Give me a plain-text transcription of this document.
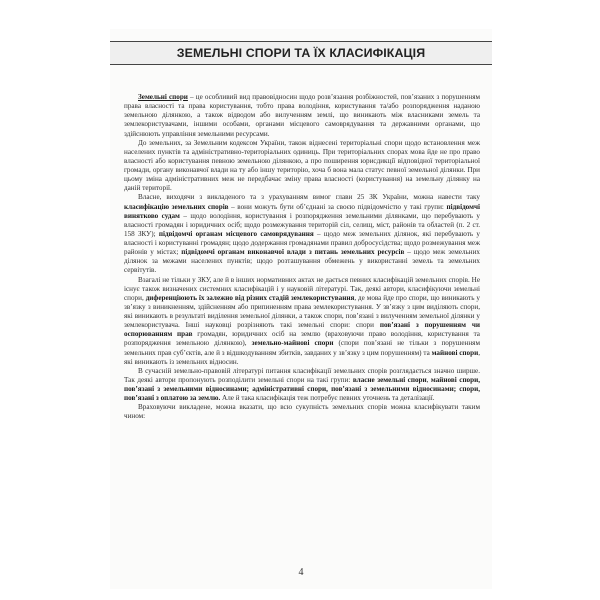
ЗЕМЕЛЬНІ СПОРИ ТА ЇХ КЛАСИФІКАЦІЯ

Земельні спори – це особливий вид правовідносин щодо розв’язання розбіжностей, пов’язаних з порушенням права власності та права користування, тобто права володіння, користування та/або розпорядження наданою земельною ділянкою, а також відводом або вилученням землі, що виникають між власниками земель та землекористувачами, іншими особами, органами місцевого самоврядування та державними органами, що здійснюють управління земельними ресурсами.

До земельних, за Земельним кодексом України, також віднесені територіальні спори щодо встановлення меж населених пунктів та адміністративно-територіальних одиниць. При територіальних спорах мова йде не про право власності або користування певною земельною ділянкою, а про поширення юрисдикції відповідної територіальної громади, органу виконавчої влади на ту або іншу територію, хоча б вона мала статус певної земельної ділянки. При цьому зміна адміністративних меж не передбачає зміну права власності (користування) на земельну ділянку на даній території.

Власне, виходячи з викладеного та з урахуванням вимог глави 25 ЗК України, можна навести таку класифікацію земельних спорів – вони можуть бути об’єднані за своєю підвідомчістю у такі групи: підвідомчі винятково судам – щодо володіння, користування і розпорядження земельними ділянками, що перебувають у власності громадян і юридичних осіб; щодо розмежування територій сіл, селищ, міст, районів та областей (п. 2 ст. 158 ЗКУ); підвідомчі органам місцевого самоврядування – щодо меж земельних ділянок, які перебувають у власності і користуванні громадян; щодо додержання громадянами правил добросусідства; щодо розмежування меж районів у містах; підвідомчі органам виконавчої влади з питань земельних ресурсів – щодо меж земельних ділянок за межами населених пунктів; щодо розташування обмежень у використанні земель та земельних сервітутів.

Взагалі не тільки у ЗКУ, але й в інших нормативних актах не дається певних класифікацій земельних спорів. Не існує також визначених системних класифікацій і у науковій літературі. Так, деякі автори, класифікуючи земельні спори, диференціюють їх залежно від різних стадій землекористування, де мова йде про спори, що виникають у зв’язку з виникненням, здійсненням або припиненням права землекористування. У зв’язку з цим виділяють спори, які виникають в результаті виділення земельної ділянки, а також спори, пов’язані з вилученням земельної ділянки у землекористувача. Інші науковці розрізняють такі земельні спори: спори пов’язані з порушенням чи оспорюванням прав громадян, юридичних осіб на землю (враховуючи право володіння, користування та розпорядження земельною ділянкою), земельно-майнові спори (спори пов’язані не тільки з порушенням земельних прав суб’єктів, але й з відшкодуванням збитків, завданих у зв’язку з цим порушенням) та майнові спори, які виникають із земельних відносин.

В сучасній земельно-правовій літературі питання класифікації земельних спорів розглядається значно ширше. Так деякі автори пропонують розподілити земельні спори на такі групи: власне земельні спори, майнові спори, пов’язані з земельними відносинами; адміністративні спори, пов’язані з земельними відносинами; спори, пов’язані з оплатою за землю. Але й така класифікація теж потребує певних уточнень та деталізації.

Враховуючи викладене, можна вказати, що всю сукупність земельних спорів можна класифікувати таким чином:

4
